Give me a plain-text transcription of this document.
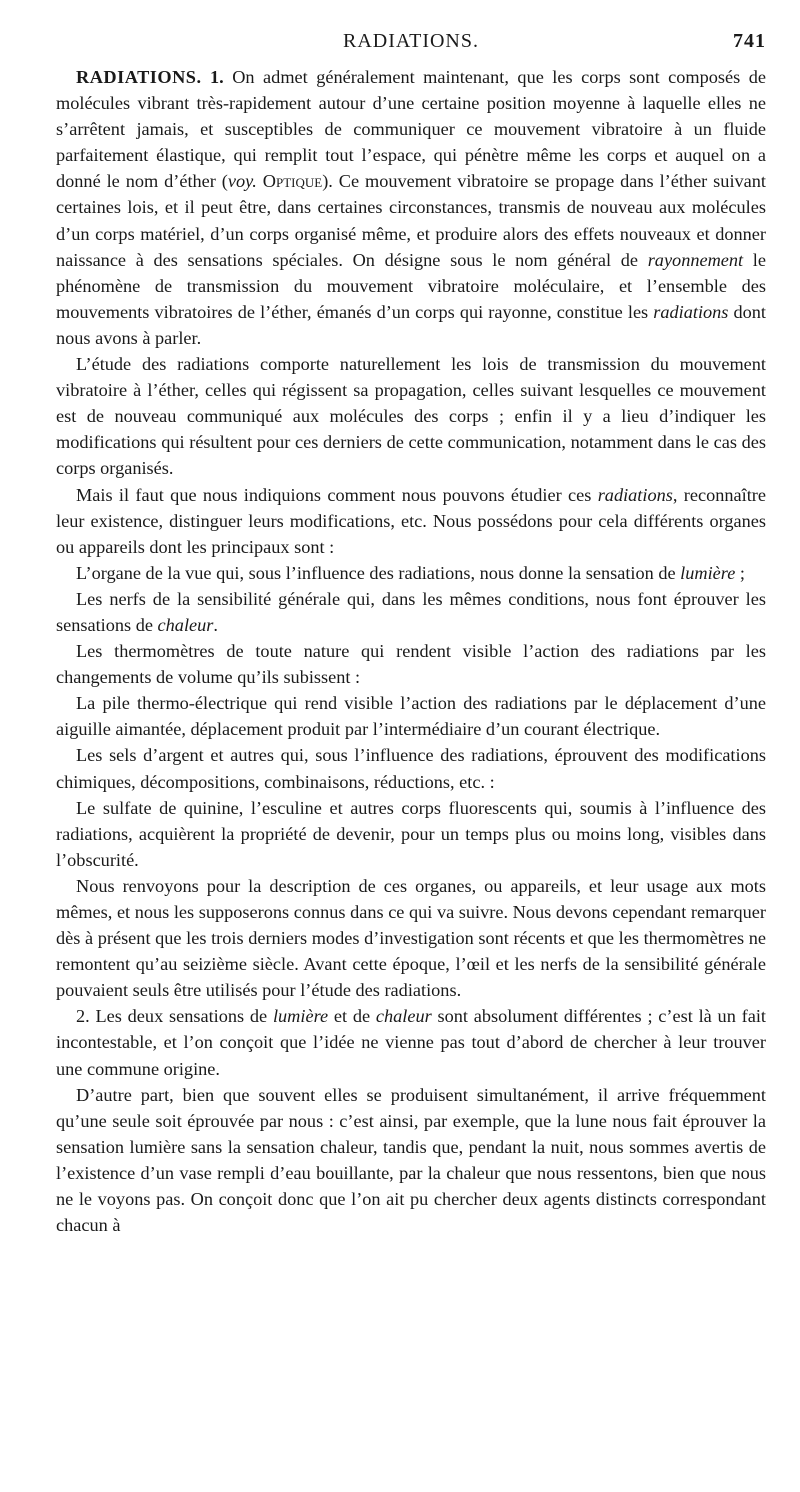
RADIATIONS.	741

RADIATIONS. 1. On admet généralement maintenant, que les corps sont composés de molécules vibrant très-rapidement autour d’une certaine position moyenne à laquelle elles ne s’arrêtent jamais, et susceptibles de communiquer ce mouvement vibratoire à un fluide parfaitement élastique, qui remplit tout l’espace, qui pénètre même les corps et auquel on a donné le nom d’éther (voy. Optique). Ce mouvement vibratoire se propage dans l’éther suivant certaines lois, et il peut être, dans certaines circonstances, transmis de nouveau aux molécules d’un corps matériel, d’un corps organisé même, et produire alors des effets nouveaux et donner naissance à des sensations spéciales. On désigne sous le nom général de rayonnement le phénomène de transmission du mouvement vibratoire moléculaire, et l’ensemble des mouvements vibratoires de l’éther, émanés d’un corps qui rayonne, constitue les radiations dont nous avons à parler.

L’étude des radiations comporte naturellement les lois de transmission du mouvement vibratoire à l’éther, celles qui régissent sa propagation, celles suivant lesquelles ce mouvement est de nouveau communiqué aux molécules des corps ; enfin il y a lieu d’indiquer les modifications qui résultent pour ces derniers de cette communication, notamment dans le cas des corps organisés.

Mais il faut que nous indiquions comment nous pouvons étudier ces radiations, reconnaître leur existence, distinguer leurs modifications, etc. Nous possédons pour cela différents organes ou appareils dont les principaux sont :

L’organe de la vue qui, sous l’influence des radiations, nous donne la sensation de lumière ;

Les nerfs de la sensibilité générale qui, dans les mêmes conditions, nous font éprouver les sensations de chaleur.

Les thermomètres de toute nature qui rendent visible l’action des radiations par les changements de volume qu’ils subissent :

La pile thermo-électrique qui rend visible l’action des radiations par le déplacement d’une aiguille aimantée, déplacement produit par l’intermédiaire d’un courant électrique.

Les sels d’argent et autres qui, sous l’influence des radiations, éprouvent des modifications chimiques, décompositions, combinaisons, réductions, etc. :

Le sulfate de quinine, l’esculine et autres corps fluorescents qui, soumis à l’influence des radiations, acquièrent la propriété de devenir, pour un temps plus ou moins long, visibles dans l’obscurité.

Nous renvoyons pour la description de ces organes, ou appareils, et leur usage aux mots mêmes, et nous les supposerons connus dans ce qui va suivre. Nous devons cependant remarquer dès à présent que les trois derniers modes d’investigation sont récents et que les thermomètres ne remontent qu’au seizième siècle. Avant cette époque, l’œil et les nerfs de la sensibilité générale pouvaient seuls être utilisés pour l’étude des radiations.

2. Les deux sensations de lumière et de chaleur sont absolument différentes ; c’est là un fait incontestable, et l’on conçoit que l’idée ne vienne pas tout d’abord de chercher à leur trouver une commune origine.

D’autre part, bien que souvent elles se produisent simultanément, il arrive fréquemment qu’une seule soit éprouvée par nous : c’est ainsi, par exemple, que la lune nous fait éprouver la sensation lumière sans la sensation chaleur, tandis que, pendant la nuit, nous sommes avertis de l’existence d’un vase rempli d’eau bouillante, par la chaleur que nous ressentons, bien que nous ne le voyons pas. On conçoit donc que l’on ait pu chercher deux agents distincts correspondant chacun à
